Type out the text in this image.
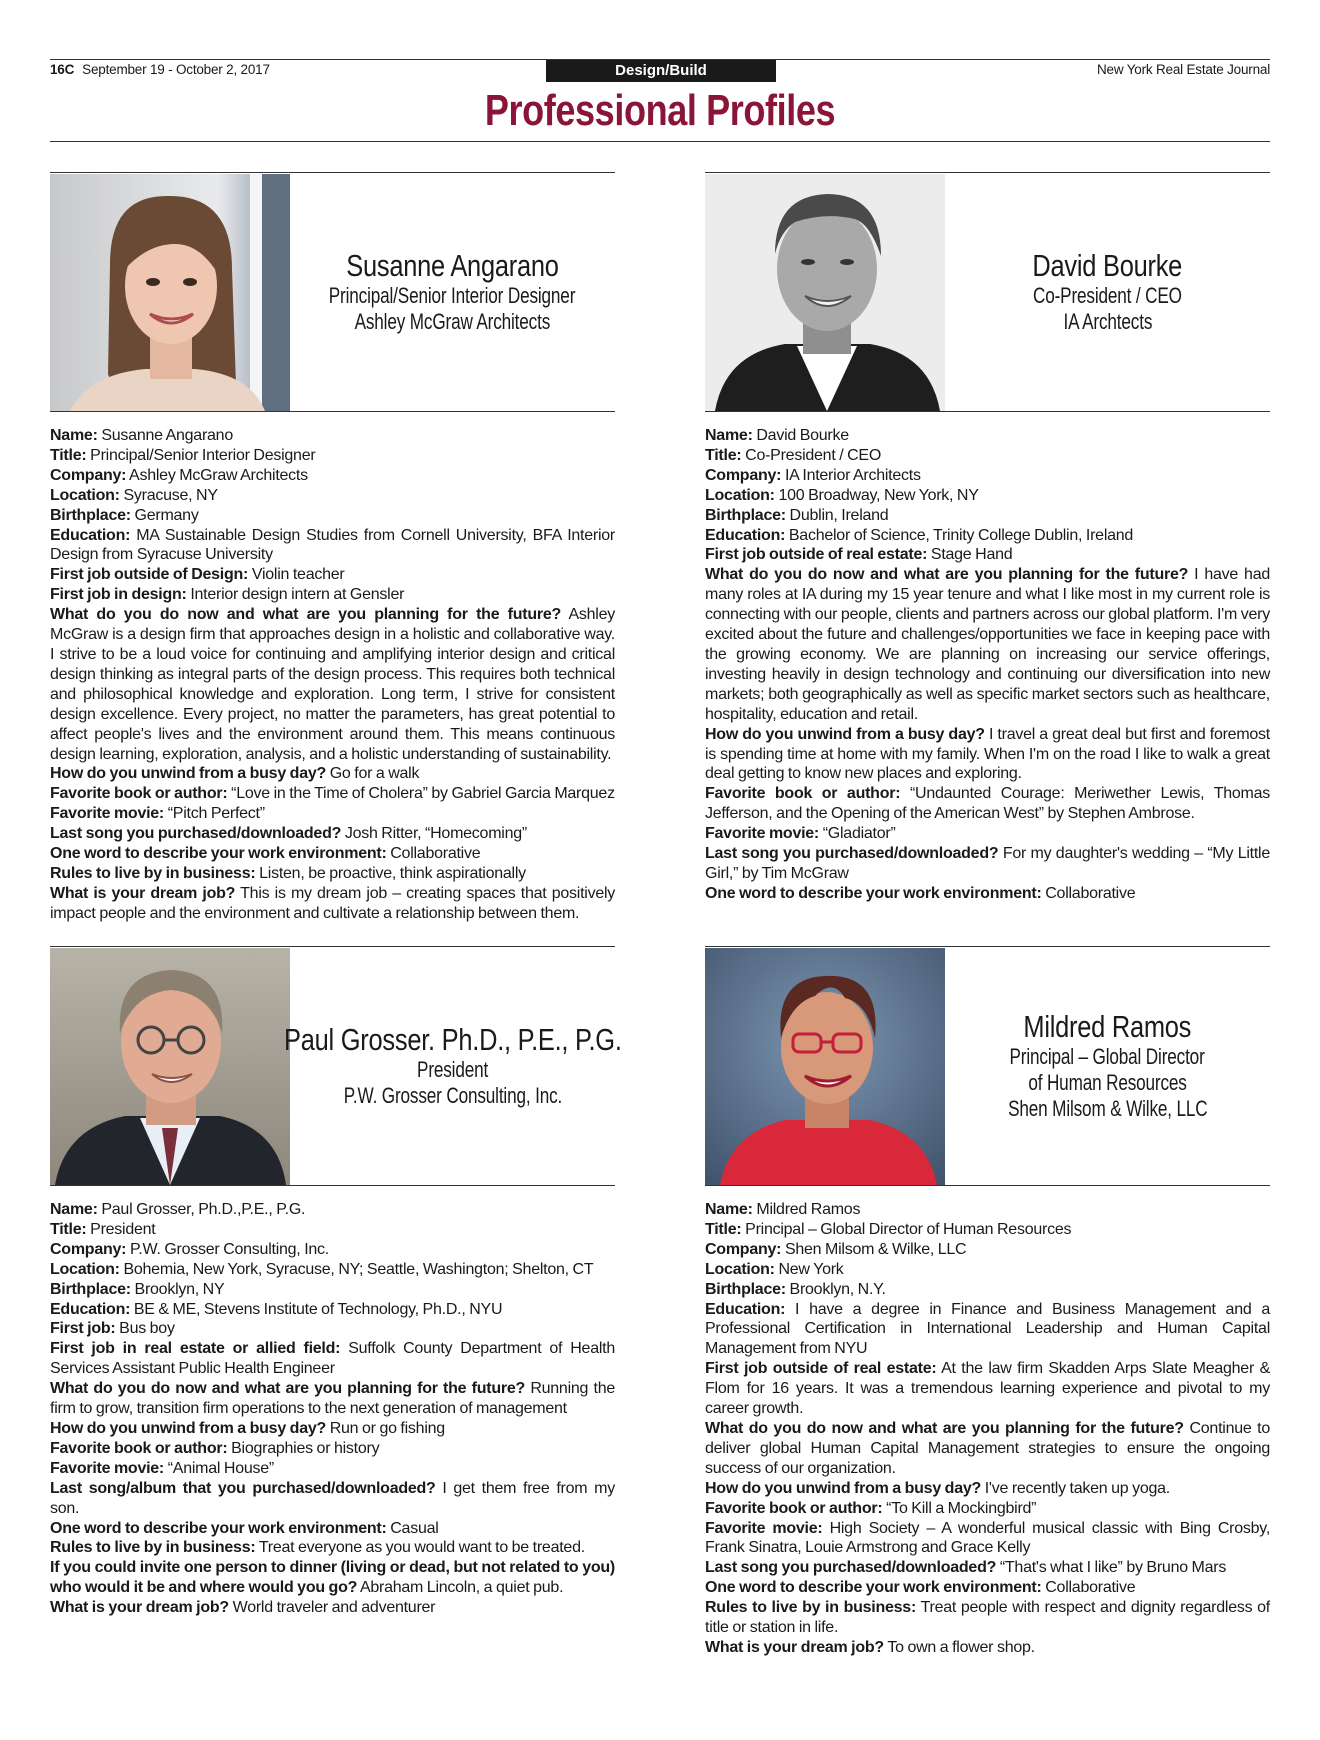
16C September 19 - October 2, 2017	Design/Build	New York Real Estate Journal
Professional Profiles
Susanne Angarano
Principal/Senior Interior Designer
Ashley McGraw Architects

Name: Susanne Angarano

Title: Principal/Senior Interior Designer

Company: Ashley McGraw Architects

Location: Syracuse, NY

Birthplace: Germany

Education: MA Sustainable Design Studies from Cornell University, BFA Interior Design from Syracuse University

First job outside of Design: Violin teacher

First job in design: Interior design intern at Gensler

What do you do now and what are you planning for the future? Ashley McGraw is a design firm that approaches design in a holistic and collaborative way. I strive to be a loud voice for continuing and amplifying interior design and critical design thinking as integral parts of the design process. This requires both technical and philosophical knowledge and exploration. Long term, I strive for consistent design excellence. Every project, no matter the parameters, has great potential to affect people's lives and the environment around them. This means continuous design learning, exploration, analysis, and a holistic understanding of sustainability.

How do you unwind from a busy day? Go for a walk

Favorite book or author: “Love in the Time of Cholera” by Gabriel Garcia Marquez

Favorite movie: “Pitch Perfect”

Last song you purchased/downloaded? Josh Ritter, “Homecoming”

One word to describe your work environment: Collaborative

Rules to live by in business: Listen, be proactive, think aspirationally

What is your dream job? This is my dream job – creating spaces that positively impact people and the environment and cultivate a relationship between them.

David Bourke
Co-President / CEO
IA Archtects

Name: David Bourke

Title: Co-President / CEO

Company: IA Interior Architects

Location: 100 Broadway, New York, NY

Birthplace: Dublin, Ireland

Education: Bachelor of Science, Trinity College Dublin, Ireland

First job outside of real estate: Stage Hand

What do you do now and what are you planning for the future? I have had many roles at IA during my 15 year tenure and what I like most in my current role is connecting with our people, clients and partners across our global platform. I'm very excited about the future and challenges/opportunities we face in keeping pace with the growing economy. We are planning on increasing our service offerings, investing heavily in design technology and continuing our diversification into new markets; both geographically as well as specific market sectors such as healthcare, hospitality, education and retail.

How do you unwind from a busy day? I travel a great deal but first and foremost is spending time at home with my family. When I'm on the road I like to walk a great deal getting to know new places and exploring.

Favorite book or author: “Undaunted Courage: Meriwether Lewis, Thomas Jefferson, and the Opening of the American West” by Stephen Ambrose.

Favorite movie: “Gladiator”

Last song you purchased/downloaded? For my daughter's wedding – “My Little Girl,” by Tim McGraw

One word to describe your work environment: Collaborative

Paul Grosser. Ph.D., P.E., P.G.
President
P.W. Grosser Consulting, Inc.

Name: Paul Grosser, Ph.D.,P.E., P.G.

Title: President

Company: P.W. Grosser Consulting, Inc.

Location: Bohemia, New York, Syracuse, NY; Seattle, Washington; Shelton, CT

Birthplace: Brooklyn, NY

Education: BE & ME, Stevens Institute of Technology, Ph.D., NYU

First job: Bus boy

First job in real estate or allied field: Suffolk County Department of Health Services Assistant Public Health Engineer

What do you do now and what are you planning for the future? Running the firm to grow, transition firm operations to the next generation of management

How do you unwind from a busy day? Run or go fishing

Favorite book or author: Biographies or history

Favorite movie: “Animal House”

Last song/album that you purchased/downloaded? I get them free from my son.

One word to describe your work environment: Casual

Rules to live by in business: Treat everyone as you would want to be treated.

If you could invite one person to dinner (living or dead, but not related to you) who would it be and where would you go? Abraham Lincoln, a quiet pub.

What is your dream job? World traveler and adventurer

Mildred Ramos
Principal – Global Director
of Human Resources
Shen Milsom & Wilke, LLC

Name: Mildred Ramos

Title: Principal – Global Director of Human Resources

Company: Shen Milsom & Wilke, LLC

Location: New York

Birthplace: Brooklyn, N.Y.

Education: I have a degree in Finance and Business Management and a Professional Certification in International Leadership and Human Capital Management from NYU

First job outside of real estate: At the law firm Skadden Arps Slate Meagher & Flom for 16 years. It was a tremendous learning experience and pivotal to my career growth.

What do you do now and what are you planning for the future? Continue to deliver global Human Capital Management strategies to ensure the ongoing success of our organization.

How do you unwind from a busy day? I've recently taken up yoga.

Favorite book or author: “To Kill a Mockingbird”

Favorite movie: High Society – A wonderful musical classic with Bing Crosby, Frank Sinatra, Louie Armstrong and Grace Kelly

Last song you purchased/downloaded? “That's what I like” by Bruno Mars

One word to describe your work environment: Collaborative

Rules to live by in business: Treat people with respect and dignity regardless of title or station in life.

What is your dream job? To own a flower shop.
